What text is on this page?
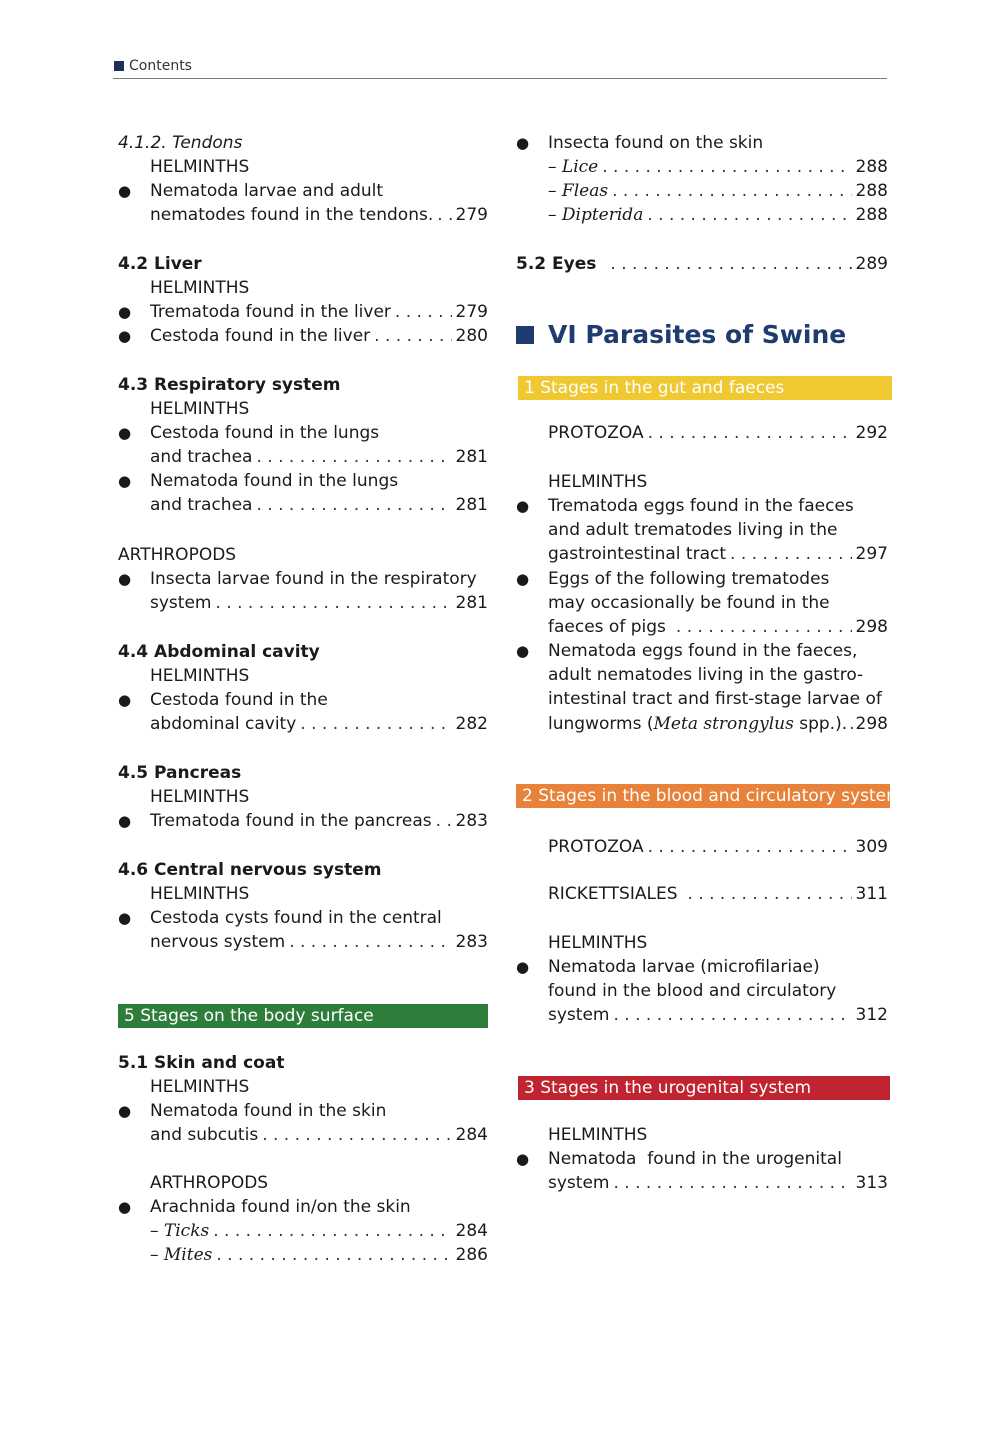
Contents
4.1.2. Tendons
HELMINTHS
●	Nematoda larvae and adult
nematodes found in the tendons. . . . 279
4.2 Liver
HELMINTHS
●	Trematoda found in the liver . . .	279
●	Cestoda found in the liver . . .	280
4.3 Respiratory system
HELMINTHS
●	Cestoda found in the lungs
and trachea . . .	281
●	Nematoda found in the lungs
and trachea . . .	281
ARTHROPODS
●	Insecta larvae found in the respiratory
system . . .	281
4.4 Abdominal cavity
HELMINTHS
●	Cestoda found in the
abdominal cavity . . .	282
4.5 Pancreas
HELMINTHS
●	Trematoda found in the pancreas . . . 283
4.6 Central nervous system
HELMINTHS
●	Cestoda cysts found in the central
nervous system . . .	283
5 Stages on the body surface
5.1 Skin and coat
HELMINTHS
●	Nematoda found in the skin
and subcutis . . .	284
ARTHROPODS
●	Arachnida found in/on the skin
– Ticks . . .	284
– Mites . . .	286
●	Insecta found on the skin
– Lice . . .	288
– Fleas . . .	288
– Dipterida . . .	288
5.2 Eyes . . .	289
VI Parasites of Swine
1 Stages in the gut and faeces
PROTOZOA . . .	292
HELMINTHS
●	Trematoda eggs found in the faeces
and adult trematodes living in the
gastrointestinal tract . . .	297
●	Eggs of the following trematodes
may occasionally be found in the
faeces of pigs . . .	298
●	Nematoda eggs found in the faeces,
adult nematodes living in the gastro-
intestinal tract and first-stage larvae of
lungworms (Meta strongylus spp.). . . . 298
2 Stages in the blood and circulatory system
PROTOZOA . . .	309
RICKETTSIALES . . .	311
HELMINTHS
●	Nematoda larvae (microfilariae)
found in the blood and circulatory
system . . .	312
3 Stages in the urogenital system
HELMINTHS
●	Nematoda  found in the urogenital
system . . .	313
